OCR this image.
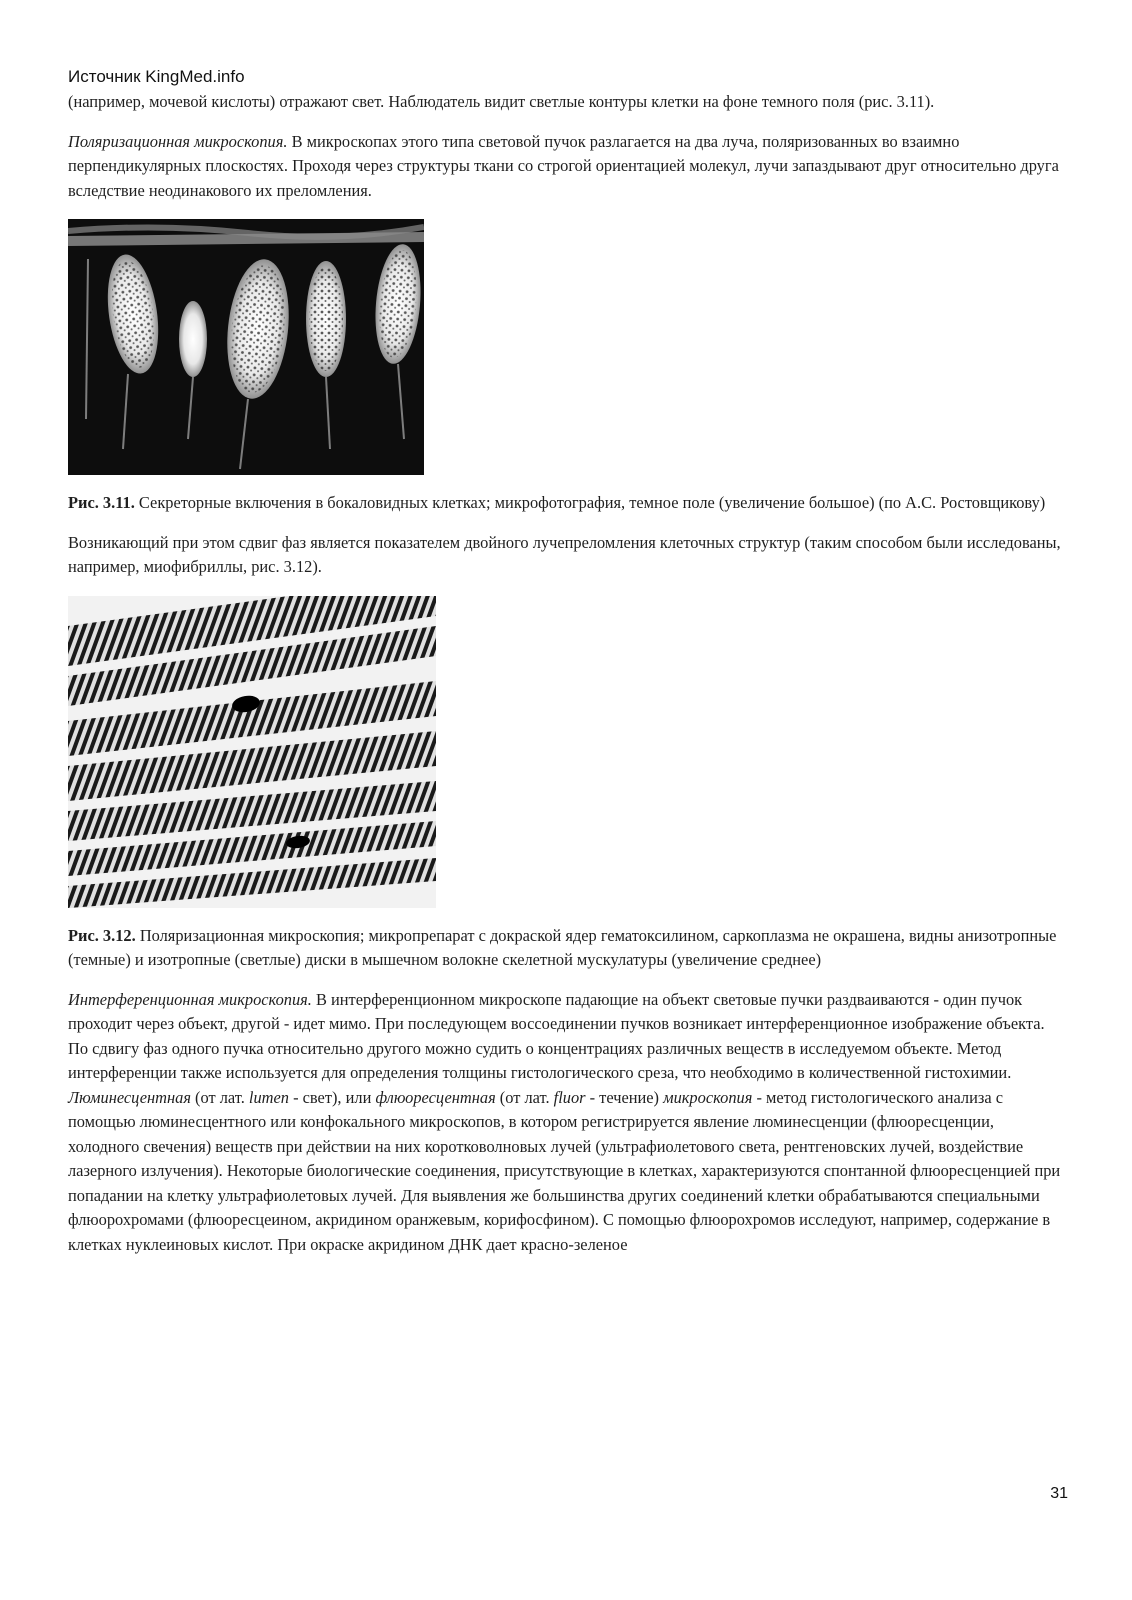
Источник KingMed.info

(например, мочевой кислоты) отражают свет. Наблюдатель видит светлые контуры клетки на фоне темного поля (рис. 3.11).

Поляризационная микроскопия. В микроскопах этого типа световой пучок разлагается на два луча, поляризованных во взаимно перпендикулярных плоскостях. Проходя через структуры ткани со строгой ориентацией молекул, лучи запаздывают друг относительно друга вследствие неодинакового их преломления.

Рис. 3.11. Секреторные включения в бокаловидных клетках; микрофотография, темное поле (увеличение большое) (по А.С. Ростовщикову)

Возникающий при этом сдвиг фаз является показателем двойного лучепреломления клеточных структур (таким способом были исследованы, например, миофибриллы, рис. 3.12).

Рис. 3.12. Поляризационная микроскопия; микропрепарат с докраской ядер гематоксилином, саркоплазма не окрашена, видны анизотропные (темные) и изотропные (светлые) диски в мышечном волокне скелетной мускулатуры (увеличение среднее)

Интерференционная микроскопия. В интерференционном микроскопе падающие на объект световые пучки раздваиваются - один пучок проходит через объект, другой - идет мимо. При последующем воссоединении пучков возникает интерференционное изображение объекта. По сдвигу фаз одного пучка относительно другого можно судить о концентрациях различных веществ в исследуемом объекте. Метод интерференции также используется для определения толщины гистологического среза, что необходимо в количественной гистохимии.

Люминесцентная (от лат. lumen - свет), или флюоресцентная (от лат. fluor - течение) микроскопия - метод гистологического анализа с помощью люминесцентного или конфокального микроскопов, в котором регистрируется явление люминесценции (флюоресценции, холодного свечения) веществ при действии на них коротковолновых лучей (ультрафиолетового света, рентгеновских лучей, воздействие лазерного излучения). Некоторые биологические соединения, присутствующие в клетках, характеризуются спонтанной флюоресценцией при попадании на клетку ультрафиолетовых лучей. Для выявления же большинства других соединений клетки обрабатываются специальными флюорохромами (флюоресцеином, акридином оранжевым, корифосфином). С помощью флюорохромов исследуют, например, содержание в клетках нуклеиновых кислот. При окраске акридином ДНК дает красно-зеленое

31
